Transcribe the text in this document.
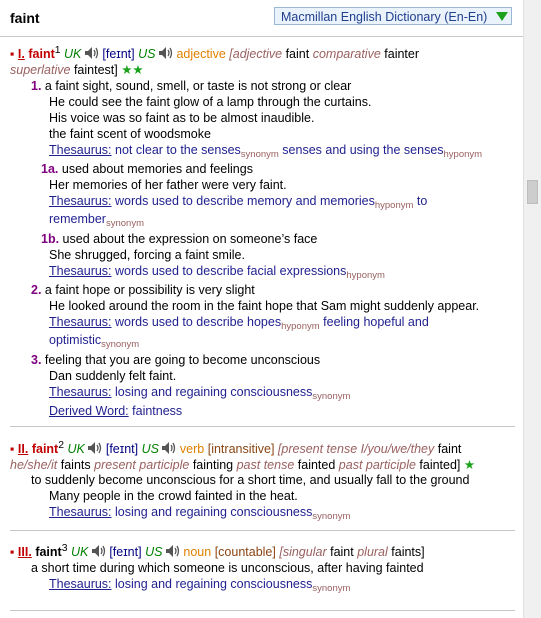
faint	Macmillan English Dictionary (En-En)
▪ I. faint$^1$ UK [feɪnt] US adjective [adjective faint comparative fainter
superlative faintest] ★★
1. a faint sight, sound, smell, or taste is not strong or clear
He could see the faint glow of a lamp through the curtains.
His voice was so faint as to be almost inaudible.
the faint scent of woodsmoke
Thesaurus: not clear to the senses$_{synonym}$ senses and using the senses$_{hyponym}$
1a. used about memories and feelings
Her memories of her father were very faint.
Thesaurus: words used to describe memory and memories$_{hyponym}$ to
remember$_{synonym}$
1b. used about the expression on someone’s face
She shrugged, forcing a faint smile.
Thesaurus: words used to describe facial expressions$_{hyponym}$
2. a faint hope or possibility is very slight
He looked around the room in the faint hope that Sam might suddenly appear.
Thesaurus: words used to describe hopes$_{hyponym}$ feeling hopeful and
optimistic$_{synonym}$
3. feeling that you are going to become unconscious
Dan suddenly felt faint.
Thesaurus: losing and regaining consciousness$_{synonym}$
Derived Word: faintness
▪ II. faint$^2$ UK [feɪnt] US verb [intransitive] [present tense I/you/we/they faint
he/she/it faints present participle fainting past tense fainted past participle fainted] ★
to suddenly become unconscious for a short time, and usually fall to the ground
Many people in the crowd fainted in the heat.
Thesaurus: losing and regaining consciousness$_{synonym}$
▪ III. faint$^3$ UK [feɪnt] US noun [countable] [singular faint plural faints]
a short time during which someone is unconscious, after having fainted
Thesaurus: losing and regaining consciousness$_{synonym}$
